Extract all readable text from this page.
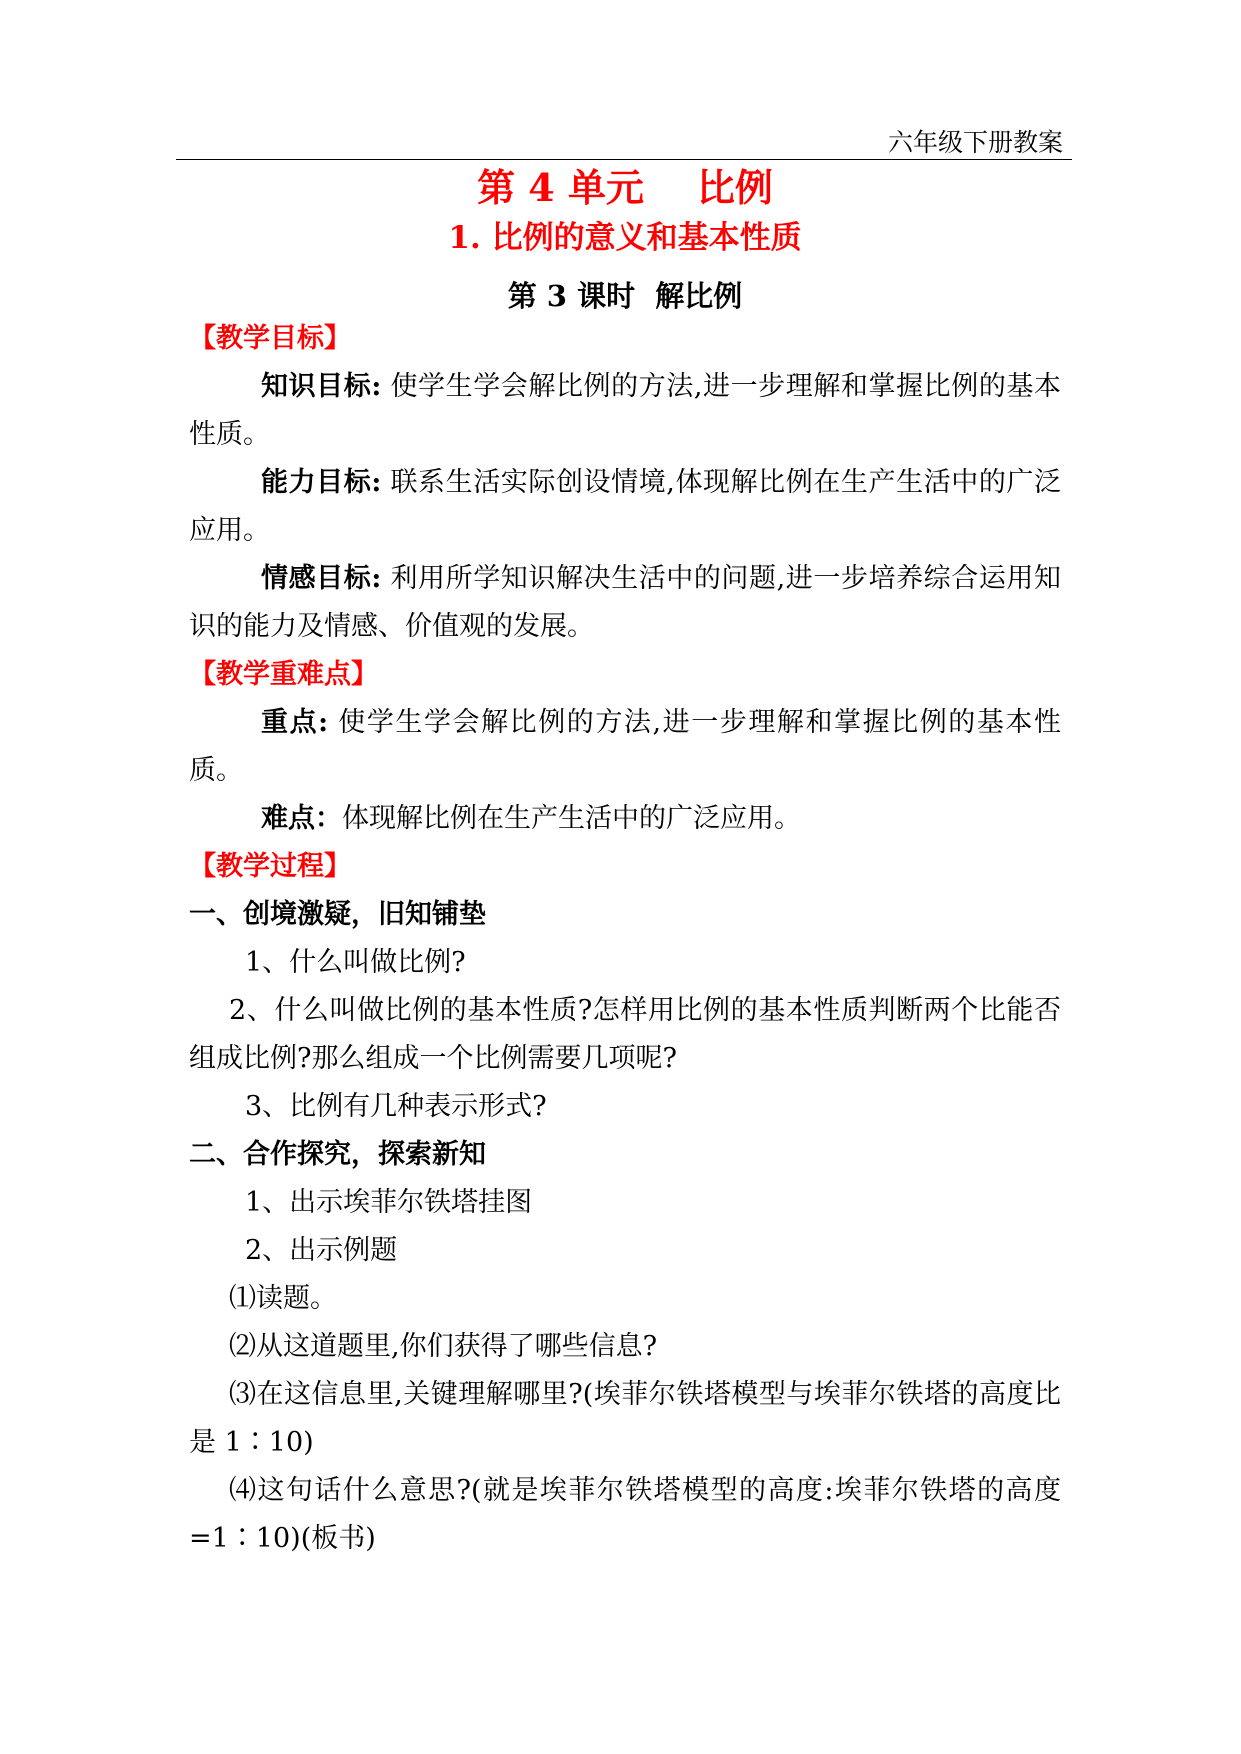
六年级下册教案
第 4 单元    比例
1. 比例的意义和基本性质
第 3 课时  解比例
【教学目标】

知识目标: 使学生学会解比例的方法,进一步理解和掌握比例的基本性质。

能力目标: 联系生活实际创设情境,体现解比例在生产生活中的广泛应用。

情感目标: 利用所学知识解决生活中的问题,进一步培养综合运用知识的能力及情感、价值观的发展。

【教学重难点】

重点: 使学生学会解比例的方法,进一步理解和掌握比例的基本性质。

难点：体现解比例在生产生活中的广泛应用。

【教学过程】
一、创境激疑，旧知铺垫

1、什么叫做比例?

2、什么叫做比例的基本性质?怎样用比例的基本性质判断两个比能否组成比例?那么组成一个比例需要几项呢?

3、比例有几种表示形式?

二、合作探究，探索新知

1、出示埃菲尔铁塔挂图

2、出示例题

⑴读题。

⑵从这道题里,你们获得了哪些信息?

⑶在这信息里,关键理解哪里?(埃菲尔铁塔模型与埃菲尔铁塔的高度比是 1∶10)

⑷这句话什么意思?(就是埃菲尔铁塔模型的高度:埃菲尔铁塔的高度=1∶10)(板书)
